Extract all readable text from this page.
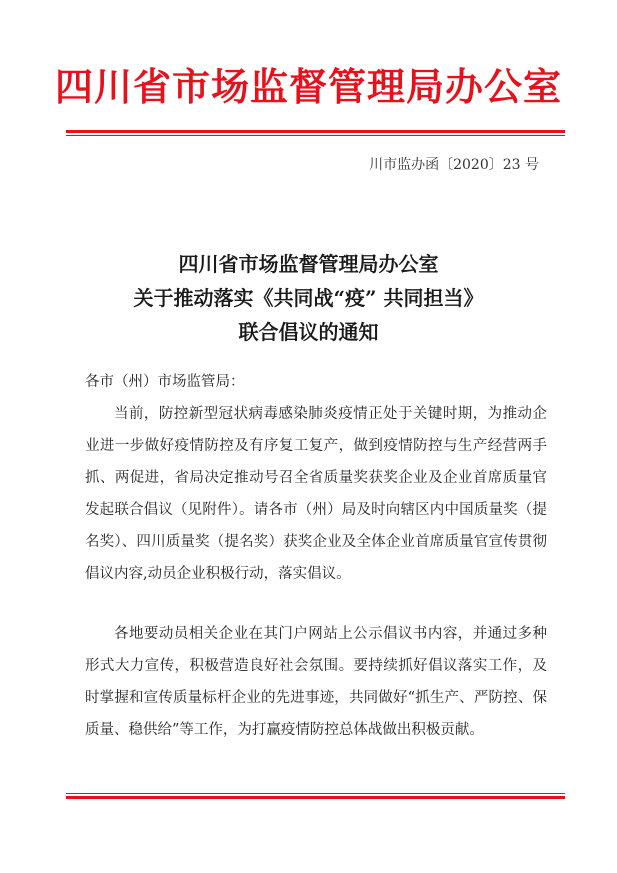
四川省市场监督管理局办公室
川市监办函〔2020〕23 号
四川省市场监督管理局办公室
关于推动落实《共同战“疫” 共同担当》
联合倡议的通知
各市（州）市场监管局：
当前，防控新型冠状病毒感染肺炎疫情正处于关键时期，为推动企业进一步做好疫情防控及有序复工复产，做到疫情防控与生产经营两手抓、两促进，省局决定推动号召全省质量奖获奖企业及企业首席质量官发起联合倡议（见附件）。请各市（州）局及时向辖区内中国质量奖（提名奖）、四川质量奖（提名奖）获奖企业及全体企业首席质量官宣传贯彻倡议内容,动员企业积极行动，落实倡议。
各地要动员相关企业在其门户网站上公示倡议书内容，并通过多种形式大力宣传，积极营造良好社会氛围。要持续抓好倡议落实工作，及时掌握和宣传质量标杆企业的先进事迹，共同做好“抓生产、严防控、保质量、稳供给”等工作，为打赢疫情防控总体战做出积极贡献。
